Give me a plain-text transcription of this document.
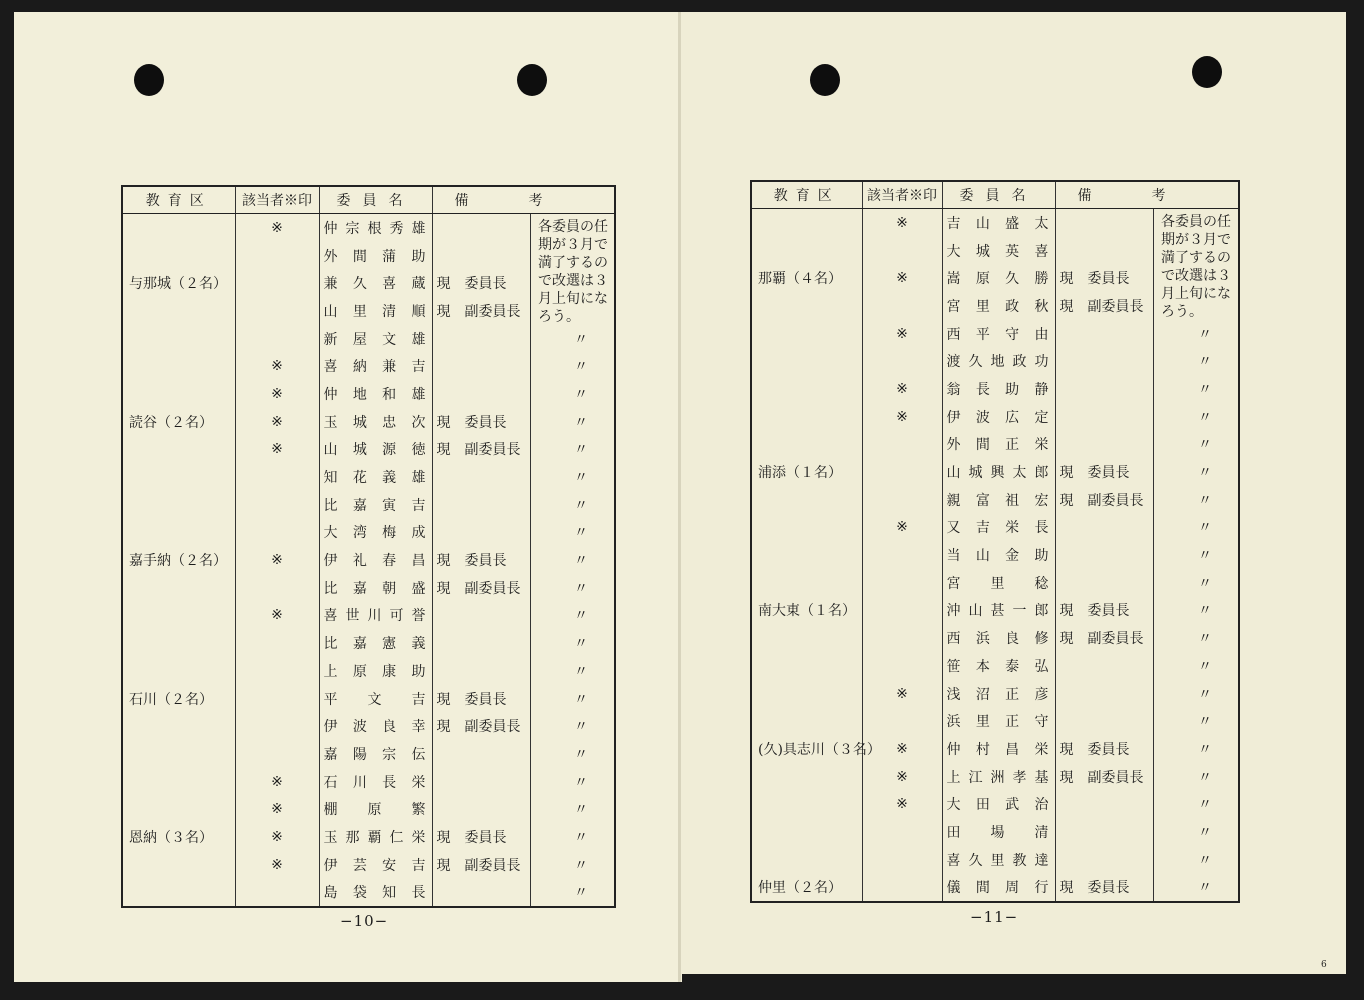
教育区	該当者※印	委員名	備考	
	※	仲宗根秀雄		
		外間蒲助		
与那城（２名）		兼久喜蔵	現　委員長	
		山里清順	現　副委員長	
		新屋文雄		〃
	※	喜納兼吉		〃
	※	仲地和雄		〃
読谷（２名）	※	玉城忠次	現　委員長	〃
	※	山城源徳	現　副委員長	〃
		知花義雄		〃
		比嘉寅吉		〃
		大湾梅成		〃
嘉手納（２名）	※	伊礼春昌	現　委員長	〃
		比嘉朝盛	現　副委員長	〃
	※	喜世川可誉		〃
		比嘉憲義		〃
		上原康助		〃
石川（２名）		平文吉	現　委員長	〃
		伊波良幸	現　副委員長	〃
		嘉陽宗伝		〃
	※	石川長栄		〃
	※	棚原繁		〃
恩納（３名）	※	玉那覇仁栄	現　委員長	〃
	※	伊芸安吉	現　副委員長	〃
		島袋知長		〃
各委員の任
期が３月で
満了するの
で改選は３
月上旬にな
ろう。
−10−
教育区	該当者※印	委員名	備考	
	※	吉山盛太		
		大城英喜		
那覇（４名）	※	嵩原久勝	現　委員長	
		宮里政秋	現　副委員長	
	※	西平守由		〃
		渡久地政功		〃
	※	翁長助静		〃
	※	伊波広定		〃
		外間正栄		〃
浦添（１名）		山城興太郎	現　委員長	〃
		親富祖宏	現　副委員長	〃
	※	又吉栄長		〃
		当山金助		〃
		宮里稔		〃
南大東（１名）		沖山甚一郎	現　委員長	〃
		西浜良修	現　副委員長	〃
		笹本泰弘		〃
	※	浅沼正彦		〃
		浜里正守		〃
(久)具志川（３名）	※	仲村昌栄	現　委員長	〃
	※	上江洲孝基	現　副委員長	〃
	※	大田武治		〃
		田場清		〃
		喜久里教達		〃
仲里（２名）		儀間周行	現　委員長	〃
各委員の任
期が３月で
満了するの
で改選は３
月上旬にな
ろう。
−11−
6
